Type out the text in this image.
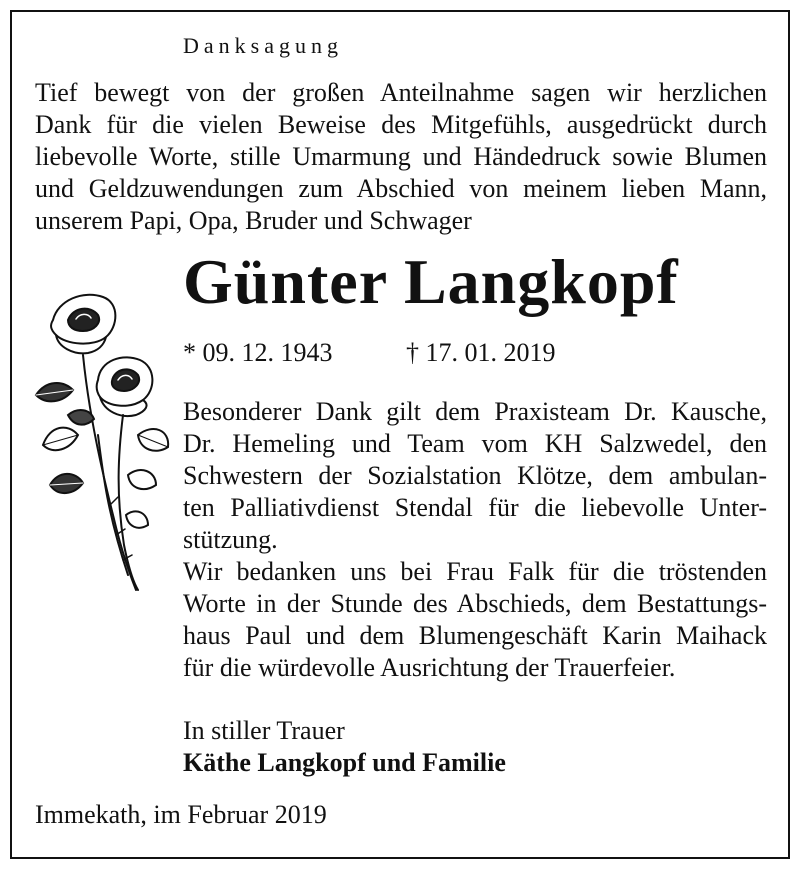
Danksagung
Tief bewegt von der großen Anteilnahme sagen wir herzlichen
Dank für die vielen Beweise des Mitgefühls, ausgedrückt durch
liebevolle Worte, stille Umarmung und Händedruck sowie Blumen
und Geldzuwendungen zum Abschied von meinem lieben Mann,
unserem Papi, Opa, Bruder und Schwager
Günter Langkopf
* 09. 12. 1943	† 17. 01. 2019
Besonderer Dank gilt dem Praxisteam Dr. Kausche,
Dr. Hemeling und Team vom KH Salzwedel, den
Schwestern der Sozialstation Klötze, dem ambulan-
ten Palliativdienst Stendal für die liebevolle Unter-
stützung.
Wir bedanken uns bei Frau Falk für die tröstenden
Worte in der Stunde des Abschieds, dem Bestattungs-
haus Paul und dem Blumengeschäft Karin Maihack
für die würdevolle Ausrichtung der Trauerfeier.
In stiller Trauer
Käthe Langkopf und Familie
Immekath, im Februar 2019
